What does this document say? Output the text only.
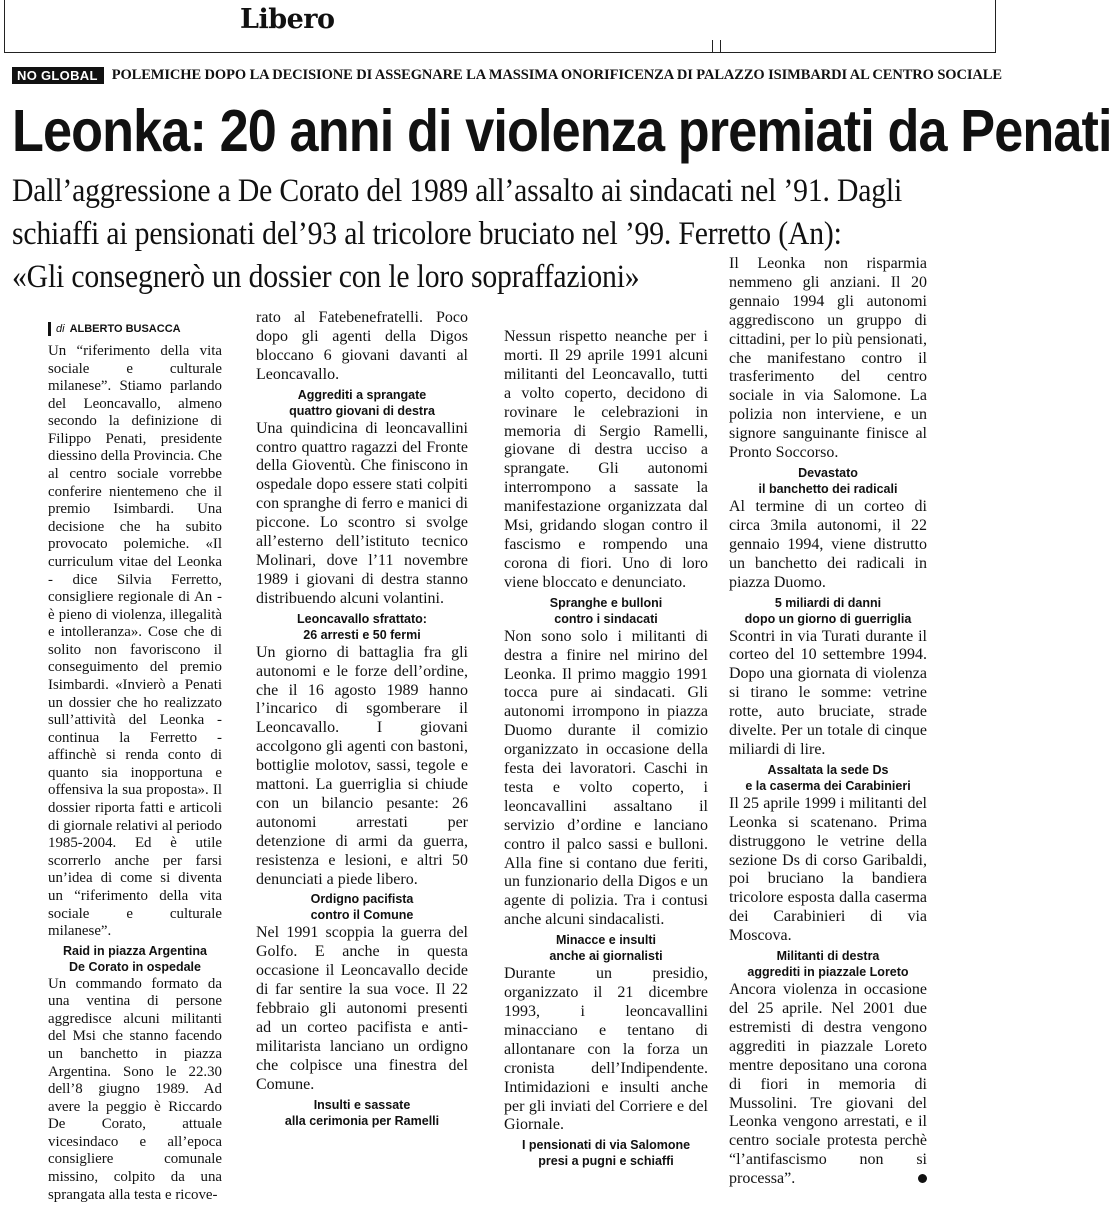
Libero
NO GLOBAL POLEMICHE DOPO LA DECISIONE DI ASSEGNARE LA MASSIMA ONORIFICENZA DI PALAZZO ISIMBARDI AL CENTRO SOCIALE
Leonka: 20 anni di violenza premiati da Penati
Dall’aggressione a De Corato del 1989 all’assalto ai sindacati nel ’91. Dagli
schiaffi ai pensionati del’93 al tricolore bruciato nel ’99. Ferretto (An):
«Gli consegnerò un dossier con le loro sopraffazioni»
di ALBERTO BUSACCA

Un “riferimento della vita sociale e culturale milanese”. Stiamo parlando del Leoncavallo, almeno secondo la definizione di Filippo Penati, presidente diessino della Provincia. Che al centro sociale vorrebbe conferire nientemeno che il premio Isimbardi. Una decisione che ha subito provocato polemiche. «Il curriculum vitae del Leonka - dice Silvia Ferretto, consigliere regionale di An - è pieno di violenza, illegalità e intolleranza». Cose che di solito non favoriscono il conseguimento del premio Isimbardi. «Invierò a Penati un dossier che ho realizzato sull’attività del Leonka - continua la Ferretto - affinchè si renda conto di quanto sia inopportuna e offensiva la sua proposta». Il dossier riporta fatti e articoli di giornale relativi al periodo 1985-2004. Ed è utile scorrerlo anche per farsi un’idea di come si diventa un “riferimento della vita sociale e culturale milanese”.

Raid in piazza Argentina
De Corato in ospedale

Un commando formato da una ventina di persone aggredisce alcuni militanti del Msi che stanno facendo un banchetto in piazza Argentina. Sono le 22.30 dell’8 giugno 1989. Ad avere la peggio è Riccardo De Corato, attuale vicesindaco e all’epoca consigliere comunale missino, colpito da una sprangata alla testa e ricove-

rato al Fatebenefratelli. Poco dopo gli agenti della Digos bloccano 6 giovani davanti al Leoncavallo.

Aggrediti a sprangate
quattro giovani di destra

Una quindicina di leoncavallini contro quattro ragazzi del Fronte della Gioventù. Che finiscono in ospedale dopo essere stati colpiti con spranghe di ferro e manici di piccone. Lo scontro si svolge all’esterno dell’istituto tecnico Molinari, dove l’11 novembre 1989 i giovani di destra stanno distribuendo alcuni volantini.

Leoncavallo sfrattato:
26 arresti e 50 fermi

Un giorno di battaglia fra gli autonomi e le forze dell’ordine, che il 16 agosto 1989 hanno l’incarico di sgomberare il Leoncavallo. I giovani accolgono gli agenti con bastoni, bottiglie molotov, sassi, tegole e mattoni. La guerriglia si chiude con un bilancio pesante: 26 autonomi arrestati per detenzione di armi da guerra, resistenza e lesioni, e altri 50 denunciati a piede libero.

Ordigno pacifista
contro il Comune

Nel 1991 scoppia la guerra del Golfo. E anche in questa occasione il Leoncavallo decide di far sentire la sua voce. Il 22 febbraio gli autonomi presenti ad un corteo pacifista e anti-militarista lanciano un ordigno che colpisce una finestra del Comune.

Insulti e sassate
alla cerimonia per Ramelli

Nessun rispetto neanche per i morti. Il 29 aprile 1991 alcuni militanti del Leoncavallo, tutti a volto coperto, decidono di rovinare le celebrazioni in memoria di Sergio Ramelli, giovane di destra ucciso a sprangate. Gli autonomi interrompono a sassate la manifestazione organizzata dal Msi, gridando slogan contro il fascismo e rompendo una corona di fiori. Uno di loro viene bloccato e denunciato.

Spranghe e bulloni
contro i sindacati

Non sono solo i militanti di destra a finire nel mirino del Leonka. Il primo maggio 1991 tocca pure ai sindacati. Gli autonomi irrompono in piazza Duomo durante il comizio organizzato in occasione della festa dei lavoratori. Caschi in testa e volto coperto, i leoncavallini assaltano il servizio d’ordine e lanciano contro il palco sassi e bulloni. Alla fine si contano due feriti, un funzionario della Digos e un agente di polizia. Tra i contusi anche alcuni sindacalisti.

Minacce e insulti
anche ai giornalisti

Durante un presidio, organizzato il 21 dicembre 1993, i leoncavallini minacciano e tentano di allontanare con la forza un cronista dell’Indipendente. Intimidazioni e insulti anche per gli inviati del Corriere e del Giornale.

I pensionati di via Salomone
presi a pugni e schiaffi

Il Leonka non risparmia nemmeno gli anziani. Il 20 gennaio 1994 gli autonomi aggrediscono un gruppo di cittadini, per lo più pensionati, che manifestano contro il trasferimento del centro sociale in via Salomone. La polizia non interviene, e un signore sanguinante finisce al Pronto Soccorso.

Devastato
il banchetto dei radicali

Al termine di un corteo di circa 3mila autonomi, il 22 gennaio 1994, viene distrutto un banchetto dei radicali in piazza Duomo.

5 miliardi di danni
dopo un giorno di guerriglia

Scontri in via Turati durante il corteo del 10 settembre 1994. Dopo una giornata di violenza si tirano le somme: vetrine rotte, auto bruciate, strade divelte. Per un totale di cinque miliardi di lire.

Assaltata la sede Ds
e la caserma dei Carabinieri

Il 25 aprile 1999 i militanti del Leonka si scatenano. Prima distruggono le vetrine della sezione Ds di corso Garibaldi, poi bruciano la bandiera tricolore esposta dalla caserma dei Carabinieri di via Moscova.

Militanti di destra
aggrediti in piazzale Loreto

Ancora violenza in occasione del 25 aprile. Nel 2001 due estremisti di destra vengono aggrediti in piazzale Loreto mentre depositano una corona di fiori in memoria di Mussolini. Tre giovani del Leonka vengono arrestati, e il centro sociale protesta perchè “l’antifascismo non si processa”.
